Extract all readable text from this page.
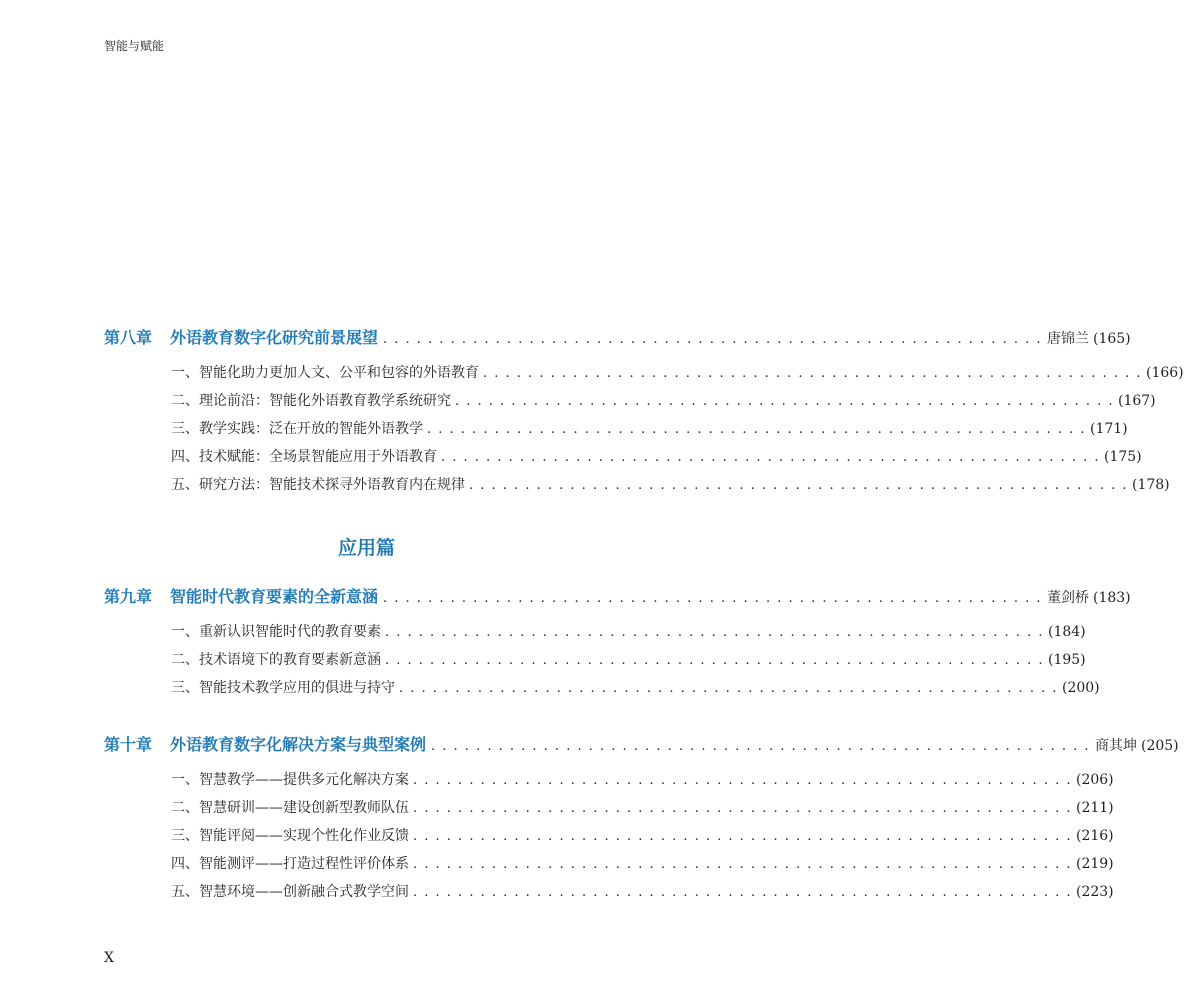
智能与赋能
第八章	外语教育数字化研究前景展望 . . . . . . . . . . . . . . . . . . . . . . . . . . . . . . . . . . . . . . . . . . . . . . . . . . . . . . . . . . . 唐锦兰 (165)
一、智能化助力更加人文、公平和包容的外语教育 . . . . . . . . . . . . . . . . . . . . . . . . . . . . . . . . . . . . . . . . . . . . . . . . . . . . . . . . . . . (166)
二、理论前沿：智能化外语教育教学系统研究 . . . . . . . . . . . . . . . . . . . . . . . . . . . . . . . . . . . . . . . . . . . . . . . . . . . . . . . . . . . (167)
三、教学实践：泛在开放的智能外语教学 . . . . . . . . . . . . . . . . . . . . . . . . . . . . . . . . . . . . . . . . . . . . . . . . . . . . . . . . . . . (171)
四、技术赋能：全场景智能应用于外语教育 . . . . . . . . . . . . . . . . . . . . . . . . . . . . . . . . . . . . . . . . . . . . . . . . . . . . . . . . . . . (175)
五、研究方法：智能技术探寻外语教育内在规律 . . . . . . . . . . . . . . . . . . . . . . . . . . . . . . . . . . . . . . . . . . . . . . . . . . . . . . . . . . . (178)
应用篇
第九章	智能时代教育要素的全新意涵 . . . . . . . . . . . . . . . . . . . . . . . . . . . . . . . . . . . . . . . . . . . . . . . . . . . . . . . . . . . 董剑桥 (183)
一、重新认识智能时代的教育要素 . . . . . . . . . . . . . . . . . . . . . . . . . . . . . . . . . . . . . . . . . . . . . . . . . . . . . . . . . . . (184)
二、技术语境下的教育要素新意涵 . . . . . . . . . . . . . . . . . . . . . . . . . . . . . . . . . . . . . . . . . . . . . . . . . . . . . . . . . . . (195)
三、智能技术教学应用的俱进与持守 . . . . . . . . . . . . . . . . . . . . . . . . . . . . . . . . . . . . . . . . . . . . . . . . . . . . . . . . . . . (200)
第十章	外语教育数字化解决方案与典型案例 . . . . . . . . . . . . . . . . . . . . . . . . . . . . . . . . . . . . . . . . . . . . . . . . . . . . . . . . . . . 商其坤 (205)
一、智慧教学——提供多元化解决方案 . . . . . . . . . . . . . . . . . . . . . . . . . . . . . . . . . . . . . . . . . . . . . . . . . . . . . . . . . . . (206)
二、智慧研训——建设创新型教师队伍 . . . . . . . . . . . . . . . . . . . . . . . . . . . . . . . . . . . . . . . . . . . . . . . . . . . . . . . . . . . (211)
三、智能评阅——实现个性化作业反馈 . . . . . . . . . . . . . . . . . . . . . . . . . . . . . . . . . . . . . . . . . . . . . . . . . . . . . . . . . . . (216)
四、智能测评——打造过程性评价体系 . . . . . . . . . . . . . . . . . . . . . . . . . . . . . . . . . . . . . . . . . . . . . . . . . . . . . . . . . . . (219)
五、智慧环境——创新融合式教学空间 . . . . . . . . . . . . . . . . . . . . . . . . . . . . . . . . . . . . . . . . . . . . . . . . . . . . . . . . . . . (223)
X
